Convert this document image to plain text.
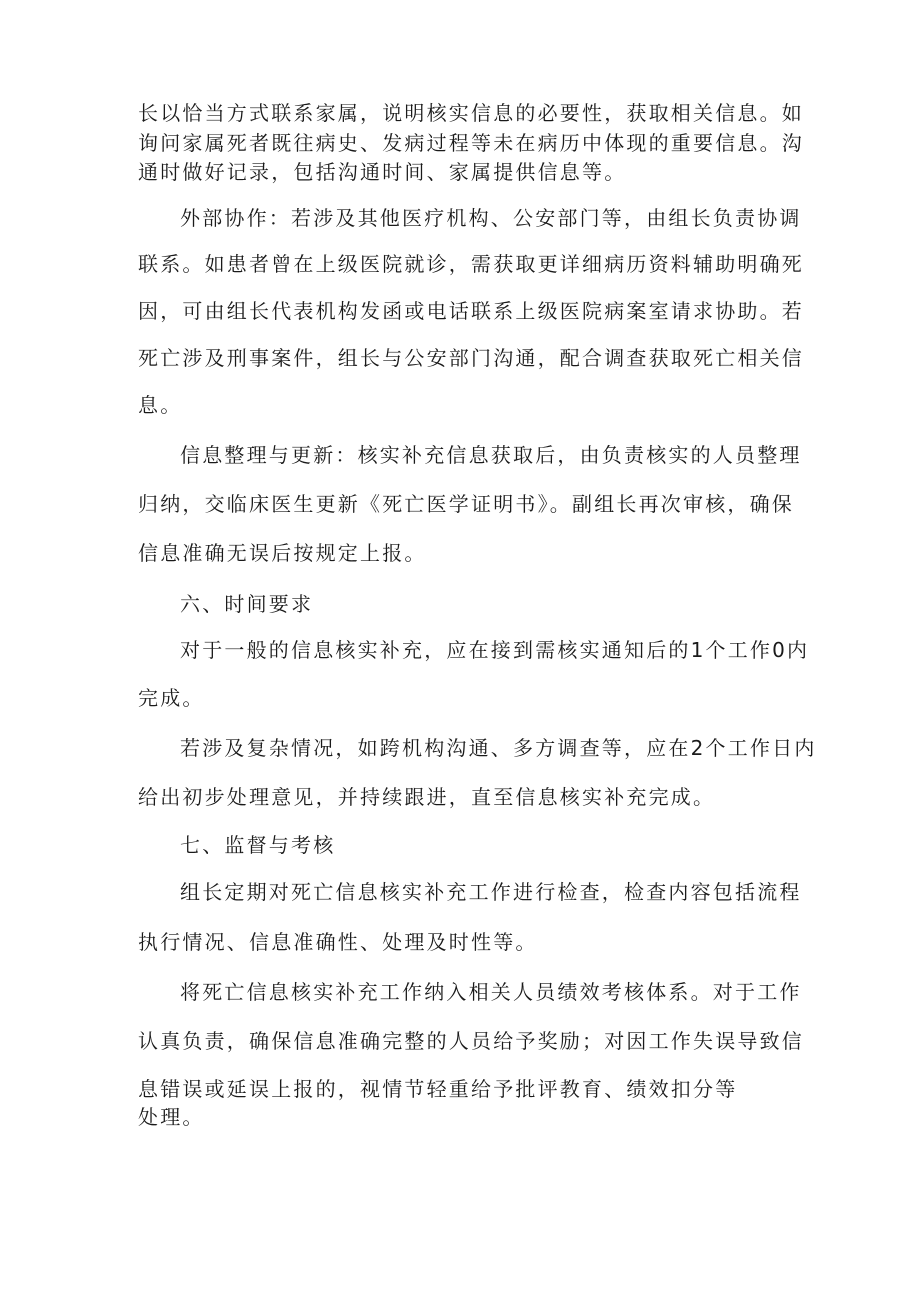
长以恰当方式联系家属，说明核实信息的必要性，获取相关信息。如
询问家属死者既往病史、发病过程等未在病历中体现的重要信息。沟
通时做好记录，包括沟通时间、家属提供信息等。
外部协作：若涉及其他医疗机构、公安部门等，由组长负责协调
联系。如患者曾在上级医院就诊，需获取更详细病历资料辅助明确死
因，可由组长代表机构发函或电话联系上级医院病案室请求协助。若
死亡涉及刑事案件，组长与公安部门沟通，配合调查获取死亡相关信
息。
信息整理与更新：核实补充信息获取后，由负责核实的人员整理
归纳，交临床医生更新《死亡医学证明书》。副组长再次审核，确保
信息准确无误后按规定上报。
六、时间要求
对于一般的信息核实补充，应在接到需核实通知后的1个工作0内
完成。
若涉及复杂情况，如跨机构沟通、多方调查等，应在2个工作日内
给出初步处理意见，并持续跟进，直至信息核实补充完成。
七、监督与考核
组长定期对死亡信息核实补充工作进行检查，检查内容包括流程
执行情况、信息准确性、处理及时性等。
将死亡信息核实补充工作纳入相关人员绩效考核体系。对于工作
认真负责，确保信息准确完整的人员给予奖励；对因工作失误导致信
息错误或延误上报的，视情节轻重给予批评教育、绩效扣分等
处理。
